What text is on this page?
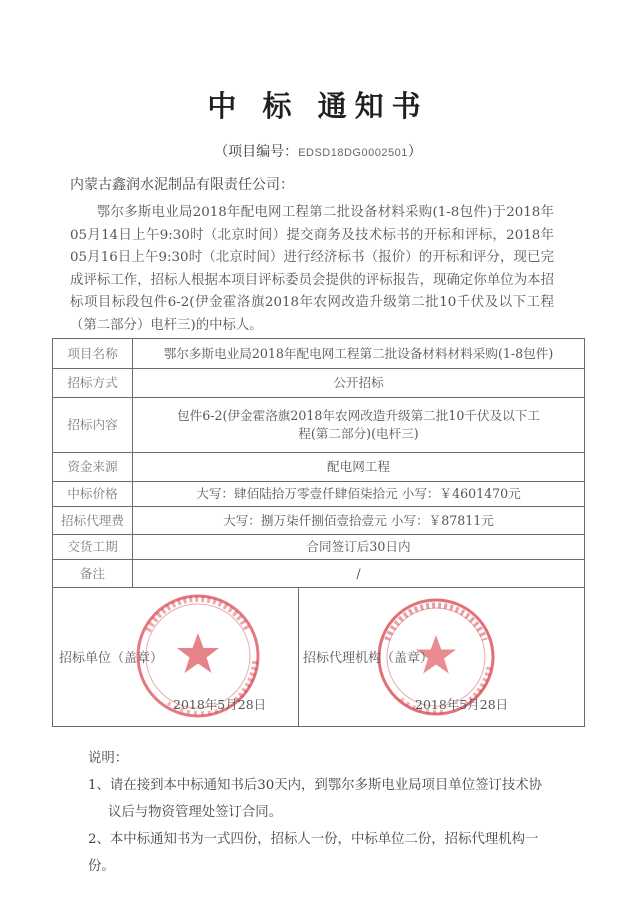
中 标 通知书
（项目编号：EDSD18DG0002501）
内蒙古鑫润水泥制品有限责任公司：
鄂尔多斯电业局2018年配电网工程第二批设备材料采购(1-8包件)于2018年05月14日上午9:30时（北京时间）提交商务及技术标书的开标和评标，2018年05月16日上午9:30时（北京时间）进行经济标书（报价）的开标和评分，现已完成评标工作，招标人根据本项目评标委员会提供的评标报告，现确定你单位为本招标项目标段包件6-2(伊金霍洛旗2018年农网改造升级第二批10千伏及以下工程（第二部分）电杆三)的中标人。
项目名称	鄂尔多斯电业局2018年配电网工程第二批设备材料材料采购(1-8包件)
招标方式	公开招标
招标内容	包件6-2(伊金霍洛旗2018年农网改造升级第二批10千伏及以下工程(第二部分)(电杆三)
资金来源	配电网工程
中标价格	大写：肆佰陆拾万零壹仟肆佰柒拾元 小写：￥4601470元
招标代理费	大写：捌万柒仟捌佰壹拾壹元 小写：￥87811元
交货工期	合同签订后30日内
备注	/
招标单位（盖章）
2018年5月28日
招标代理机构（盖章）
2018年5月28日
说明：
1、请在接到本中标通知书后30天内，到鄂尔多斯电业局项目单位签订技术协
议后与物资管理处签订合同。
2、本中标通知书为一式四份，招标人一份，中标单位二份，招标代理机构一份。
